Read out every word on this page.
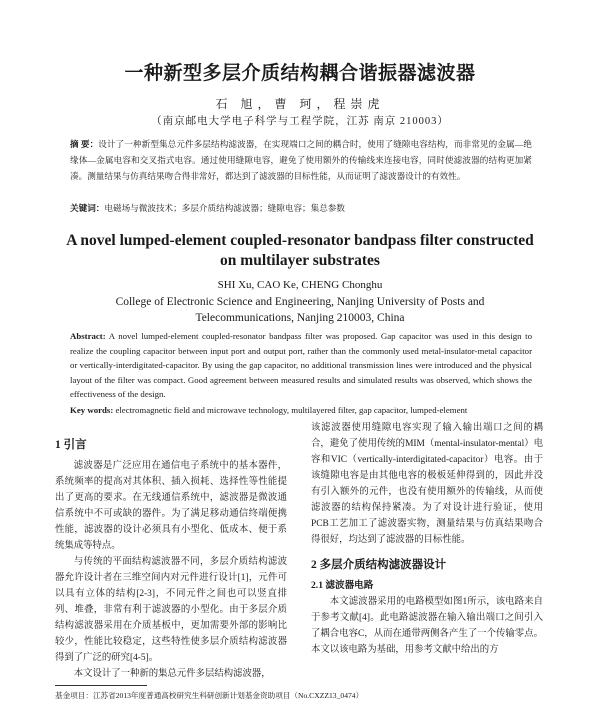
一种新型多层介质结构耦合谐振器滤波器
石 旭，曹 珂，程崇虎
（南京邮电大学电子科学与工程学院，江苏 南京 210003）
摘 要：设计了一种新型集总元件多层结构滤波器，在实现端口之间的耦合时，使用了缝隙电容结构，而非常见的金属—绝缘体—金属电容和交叉指式电容。通过使用缝隙电容，避免了使用额外的传输线来连接电容，同时使滤波器的结构更加紧凑。测量结果与仿真结果吻合得非常好，都达到了滤波器的目标性能，从而证明了滤波器设计的有效性。
关键词：电磁场与微波技术；多层介质结构滤波器；缝隙电容；集总参数
A novel lumped-element coupled-resonator bandpass filter constructed
on multilayer substrates
SHI Xu, CAO Ke, CHENG Chonghu
College of Electronic Science and Engineering, Nanjing University of Posts and
Telecommunications, Nanjing 210003, China
Abstract: A novel lumped-element coupled-resonator bandpass filter was proposed. Gap capacitor was used in this design to realize the coupling capacitor between input port and output port, rather than the commonly used metal-insulator-metal capacitor or vertically-interdigitated-capacitor. By using the gap capacitor, no additional transmission lines were introduced and the physical layout of the filter was compact. Good agreement between measured results and simulated results was observed, which shows the effectiveness of the design.
Key words: electromagnetic field and microwave technology, multilayered filter, gap capacitor, lumped-element
1 引言

滤波器是广泛应用在通信电子系统中的基本器件，系统频率的提高对其体积、插入损耗、选择性等性能提出了更高的要求。在无线通信系统中，滤波器是微波通信系统中不可或缺的器件。为了满足移动通信终端便携性能，滤波器的设计必须具有小型化、低成本、便于系统集成等特点。

与传统的平面结构滤波器不同，多层介质结构滤波器允许设计者在三维空间内对元件进行设计[1]，元件可以具有立体的结构[2-3]，不同元件之间也可以竖直排列、堆叠，非常有利于滤波器的小型化。由于多层介质结构滤波器采用在介质基板中，更加需要外部的影响比较少，性能比较稳定，这些特性使多层介质结构滤波器得到了广泛的研究[4-5]。

本文设计了一种新的集总元件多层结构滤波器，

该滤波器使用缝隙电容实现了输入输出端口之间的耦合，避免了使用传统的MIM（mental-insulator-mental）电容和VIC（vertically-interdigitated-capacitor）电容。由于该缝隙电容是由其他电容的极板延伸得到的，因此并没有引入额外的元件，也没有使用额外的传输线，从而使滤波器的结构保持紧凑。为了对设计进行验证，使用PCB工艺加工了滤波器实物，测量结果与仿真结果吻合得很好，均达到了滤波器的目标性能。

2 多层介质结构滤波器设计
2.1 滤波器电路

本文滤波器采用的电路模型如图1所示，该电路来自于参考文献[4]。此电路滤波器在输入输出端口之间引入了耦合电容C，从而在通带两侧各产生了一个传输零点。本文以该电路为基础，用参考文献中给出的方

基金项目：江苏省2013年度普通高校研究生科研创新计划基金资助项目（No.CXZZ13_0474）
